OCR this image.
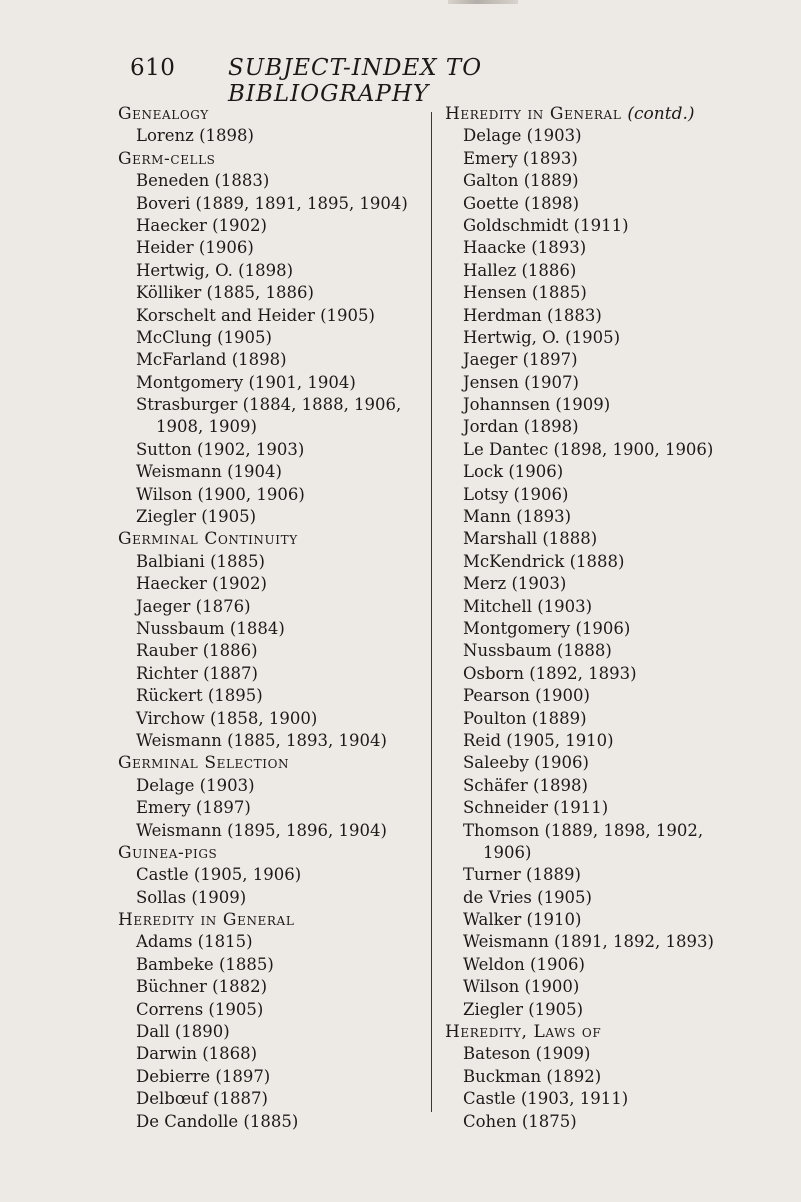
610 SUBJECT-INDEX TO BIBLIOGRAPHY
Genealogy
Lorenz (1898)
Germ-cells
Beneden (1883)
Boveri (1889, 1891, 1895, 1904)
Haecker (1902)
Heider (1906)
Hertwig, O. (1898)
Kölliker (1885, 1886)
Korschelt and Heider (1905)
McClung (1905)
McFarland (1898)
Montgomery (1901, 1904)
Strasburger (1884, 1888, 1906,
1908, 1909)
Sutton (1902, 1903)
Weismann (1904)
Wilson (1900, 1906)
Ziegler (1905)
Germinal Continuity
Balbiani (1885)
Haecker (1902)
Jaeger (1876)
Nussbaum (1884)
Rauber (1886)
Richter (1887)
Rückert (1895)
Virchow (1858, 1900)
Weismann (1885, 1893, 1904)
Germinal Selection
Delage (1903)
Emery (1897)
Weismann (1895, 1896, 1904)
Guinea-pigs
Castle (1905, 1906)
Sollas (1909)
Heredity in General
Adams (1815)
Bambeke (1885)
Büchner (1882)
Correns (1905)
Dall (1890)
Darwin (1868)
Debierre (1897)
Delbœuf (1887)
De Candolle (1885)
Heredity in General (contd.)
Delage (1903)
Emery (1893)
Galton (1889)
Goette (1898)
Goldschmidt (1911)
Haacke (1893)
Hallez (1886)
Hensen (1885)
Herdman (1883)
Hertwig, O. (1905)
Jaeger (1897)
Jensen (1907)
Johannsen (1909)
Jordan (1898)
Le Dantec (1898, 1900, 1906)
Lock (1906)
Lotsy (1906)
Mann (1893)
Marshall (1888)
McKendrick (1888)
Merz (1903)
Mitchell (1903)
Montgomery (1906)
Nussbaum (1888)
Osborn (1892, 1893)
Pearson (1900)
Poulton (1889)
Reid (1905, 1910)
Saleeby (1906)
Schäfer (1898)
Schneider (1911)
Thomson (1889, 1898, 1902,
1906)
Turner (1889)
de Vries (1905)
Walker (1910)
Weismann (1891, 1892, 1893)
Weldon (1906)
Wilson (1900)
Ziegler (1905)
Heredity, Laws of
Bateson (1909)
Buckman (1892)
Castle (1903, 1911)
Cohen (1875)
